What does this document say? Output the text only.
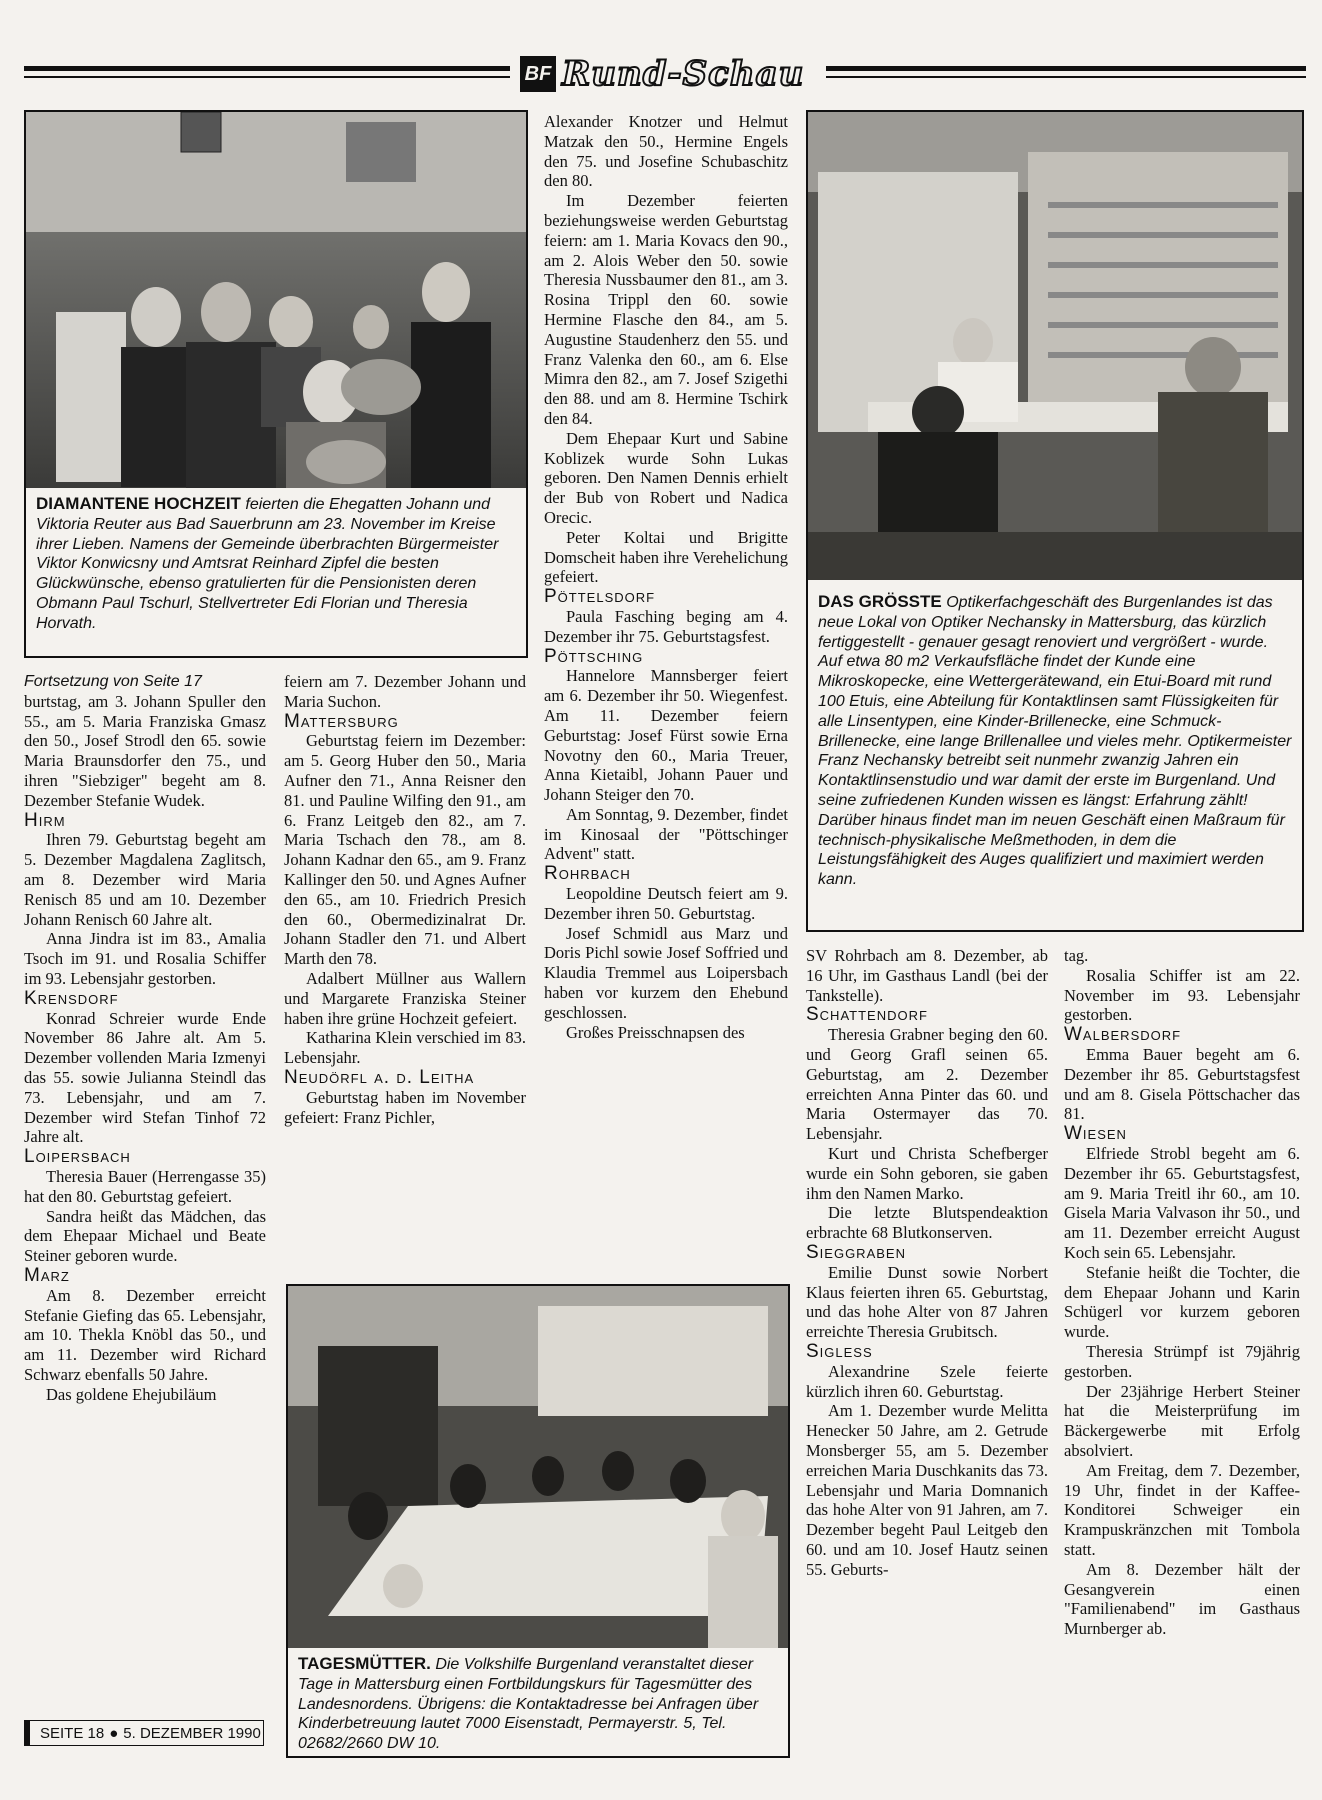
BF Rund-Schau
DIAMANTENE HOCHZEIT feierten die Ehegatten Johann und Viktoria Reuter aus Bad Sauerbrunn am 23. November im Kreise ihrer Lieben. Namens der Gemeinde überbrachten Bürgermeister Viktor Konwicsny und Amtsrat Reinhard Zipfel die besten Glückwünsche, ebenso gratulierten für die Pensionisten deren Obmann Paul Tschurl, Stellvertreter Edi Florian und Theresia Horvath.
DAS GRÖSSTE Optikerfachgeschäft des Burgenlandes ist das neue Lokal von Optiker Nechansky in Mattersburg, das kürzlich fertiggestellt - genauer gesagt renoviert und vergrößert - wurde. Auf etwa 80 m2 Verkaufsfläche findet der Kunde eine Mikroskopecke, eine Wettergerätewand, ein Etui-Board mit rund 100 Etuis, eine Abteilung für Kontaktlinsen samt Flüssigkeiten für alle Linsentypen, eine Kinder-Brillenecke, eine Schmuck-Brillenecke, eine lange Brillenallee und vieles mehr. Optikermeister Franz Nechansky betreibt seit nunmehr zwanzig Jahren ein Kontaktlinsenstudio und war damit der erste im Burgenland. Und seine zufriedenen Kunden wissen es längst: Erfahrung zählt! Darüber hinaus findet man im neuen Geschäft einen Maßraum für technisch-physikalische Meßmethoden, in dem die Leistungsfähigkeit des Auges qualifiziert und maximiert werden kann.
TAGESMÜTTER. Die Volkshilfe Burgenland veranstaltet dieser Tage in Mattersburg einen Fortbildungskurs für Tagesmütter des Landesnordens. Übrigens: die Kontaktadresse bei Anfragen über Kinderbetreuung lautet 7000 Eisenstadt, Permayerstr. 5, Tel. 02682/2660 DW 10.

Fortsetzung von Seite 17

burtstag, am 3. Johann Spuller den 55., am 5. Maria Franziska Gmasz den 50., Josef Strodl den 65. sowie Maria Braunsdorfer den 75., und ihren "Siebziger" begeht am 8. Dezember Stefanie Wudek.

Hirm

Ihren 79. Geburtstag begeht am 5. Dezember Magdalena Zaglitsch, am 8. Dezember wird Maria Renisch 85 und am 10. Dezember Johann Renisch 60 Jahre alt.

Anna Jindra ist im 83., Amalia Tsoch im 91. und Rosalia Schiffer im 93. Lebensjahr gestorben.

Krensdorf

Konrad Schreier wurde Ende November 86 Jahre alt. Am 5. Dezember vollenden Maria Izmenyi das 55. sowie Julianna Steindl das 73. Lebensjahr, und am 7. Dezember wird Stefan Tinhof 72 Jahre alt.

Loipersbach

Theresia Bauer (Herrengasse 35) hat den 80. Geburtstag gefeiert.

Sandra heißt das Mädchen, das dem Ehepaar Michael und Beate Steiner geboren wurde.

Marz

Am 8. Dezember erreicht Stefanie Giefing das 65. Lebensjahr, am 10. Thekla Knöbl das 50., und am 11. Dezember wird Richard Schwarz ebenfalls 50 Jahre.

Das goldene Ehejubiläum

feiern am 7. Dezember Johann und Maria Suchon.

Mattersburg

Geburtstag feiern im Dezember: am 5. Georg Huber den 50., Maria Aufner den 71., Anna Reisner den 81. und Pauline Wilfing den 91., am 6. Franz Leitgeb den 82., am 7. Maria Tschach den 78., am 8. Johann Kadnar den 65., am 9. Franz Kallinger den 50. und Agnes Aufner den 65., am 10. Friedrich Presich den 60., Obermedizinalrat Dr. Johann Stadler den 71. und Albert Marth den 78.

Adalbert Müllner aus Wallern und Margarete Franziska Steiner haben ihre grüne Hochzeit gefeiert.

Katharina Klein verschied im 83. Lebensjahr.

Neudörfl a. d. Leitha

Geburtstag haben im November gefeiert: Franz Pichler,

Alexander Knotzer und Helmut Matzak den 50., Hermine Engels den 75. und Josefine Schubaschitz den 80.

Im Dezember feierten beziehungsweise werden Geburtstag feiern: am 1. Maria Kovacs den 90., am 2. Alois Weber den 50. sowie Theresia Nussbaumer den 81., am 3. Rosina Trippl den 60. sowie Hermine Flasche den 84., am 5. Augustine Staudenherz den 55. und Franz Valenka den 60., am 6. Else Mimra den 82., am 7. Josef Szigethi den 88. und am 8. Hermine Tschirk den 84.

Dem Ehepaar Kurt und Sabine Koblizek wurde Sohn Lukas geboren. Den Namen Dennis erhielt der Bub von Robert und Nadica Orecic.

Peter Koltai und Brigitte Domscheit haben ihre Verehelichung gefeiert.

Pöttelsdorf

Paula Fasching beging am 4. Dezember ihr 75. Geburtstagsfest.

Pöttsching

Hannelore Mannsberger feiert am 6. Dezember ihr 50. Wiegenfest. Am 11. Dezember feiern Geburtstag: Josef Fürst sowie Erna Novotny den 60., Maria Treuer, Anna Kietaibl, Johann Pauer und Johann Steiger den 70.

Am Sonntag, 9. Dezember, findet im Kinosaal der "Pöttschinger Advent" statt.

Rohrbach

Leopoldine Deutsch feiert am 9. Dezember ihren 50. Geburtstag.

Josef Schmidl aus Marz und Doris Pichl sowie Josef Soffried und Klaudia Tremmel aus Loipersbach haben vor kurzem den Ehebund geschlossen.

Großes Preisschnapsen des

SV Rohrbach am 8. Dezember, ab 16 Uhr, im Gasthaus Landl (bei der Tankstelle).

Schattendorf

Theresia Grabner beging den 60. und Georg Grafl seinen 65. Geburtstag, am 2. Dezember erreichten Anna Pinter das 60. und Maria Ostermayer das 70. Lebensjahr.

Kurt und Christa Schefberger wurde ein Sohn geboren, sie gaben ihm den Namen Marko.

Die letzte Blutspendeaktion erbrachte 68 Blutkonserven.

Sieggraben

Emilie Dunst sowie Norbert Klaus feierten ihren 65. Geburtstag, und das hohe Alter von 87 Jahren erreichte Theresia Grubitsch.

Sigless

Alexandrine Szele feierte kürzlich ihren 60. Geburtstag.

Am 1. Dezember wurde Melitta Henecker 50 Jahre, am 2. Getrude Monsberger 55, am 5. Dezember erreichen Maria Duschkanits das 73. Lebensjahr und Maria Domnanich das hohe Alter von 91 Jahren, am 7. Dezember begeht Paul Leitgeb den 60. und am 10. Josef Hautz seinen 55. Geburts-

tag.

Rosalia Schiffer ist am 22. November im 93. Lebensjahr gestorben.

Walbersdorf

Emma Bauer begeht am 6. Dezember ihr 85. Geburtstagsfest und am 8. Gisela Pöttschacher das 81.

Wiesen

Elfriede Strobl begeht am 6. Dezember ihr 65. Geburtstagsfest, am 9. Maria Treitl ihr 60., am 10. Gisela Maria Valvason ihr 50., und am 11. Dezember erreicht August Koch sein 65. Lebensjahr.

Stefanie heißt die Tochter, die dem Ehepaar Johann und Karin Schügerl vor kurzem geboren wurde.

Theresia Strümpf ist 79jährig gestorben.

Der 23jährige Herbert Steiner hat die Meisterprüfung im Bäckergewerbe mit Erfolg absolviert.

Am Freitag, dem 7. Dezember, 19 Uhr, findet in der Kaffee-Konditorei Schweiger ein Krampuskränzchen mit Tombola statt.

Am 8. Dezember hält der Gesangverein einen "Familienabend" im Gasthaus Murnberger ab.

SEITE 18 ● 5. DEZEMBER 1990
